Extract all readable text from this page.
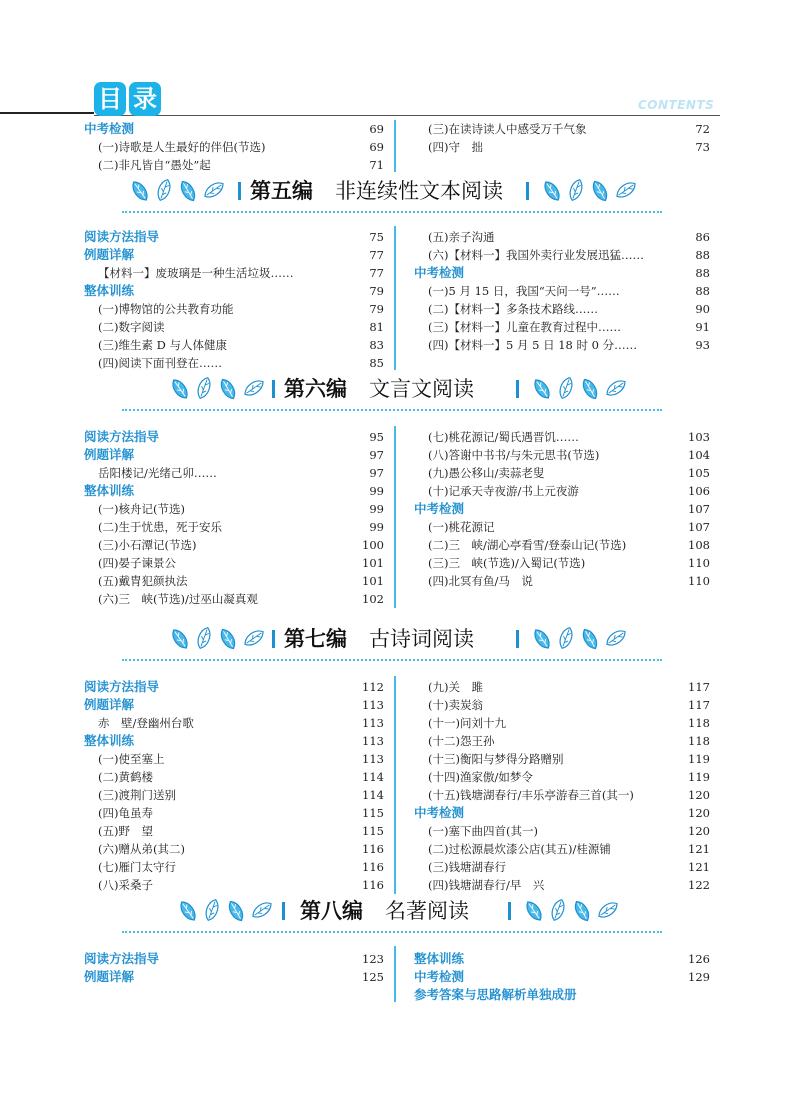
目 录	CONTENTS
中考检测	69
(一)诗歌是人生最好的伴侣(节选)	69
(二)非凡皆自“愚处”起	71
(三)在读诗读人中感受万千气象	72
(四)守　拙	73
第五编 非连续性文本阅读
阅读方法指导	75
例题详解	77
【材料一】废玻璃是一种生活垃圾……	77
整体训练	79
(一)博物馆的公共教育功能	79
(二)数字阅读	81
(三)维生素 D 与人体健康	83
(四)阅读下面刊登在……	85
(五)亲子沟通	86
(六)【材料一】我国外卖行业发展迅猛……	88
中考检测	88
(一)5 月 15 日，我国“天问一号”……	88
(二)【材料一】多条技术路线……	90
(三)【材料一】儿童在教育过程中……	91
(四)【材料一】5 月 5 日 18 时 0 分……	93
第六编 文言文阅读
阅读方法指导	95
例题详解	97
岳阳楼记/光绪己卯……	97
整体训练	99
(一)核舟记(节选)	99
(二)生于忧患，死于安乐	99
(三)小石潭记(节选)	100
(四)晏子谏景公	101
(五)戴胄犯颜执法	101
(六)三　峡(节选)/过巫山凝真观	102
(七)桃花源记/蜀氏遇晋饥……	103
(八)答谢中书书/与朱元思书(节选)	104
(九)愚公移山/卖蒜老叟	105
(十)记承天寺夜游/书上元夜游	106
中考检测	107
(一)桃花源记	107
(二)三　峡/湖心亭看雪/登泰山记(节选)	108
(三)三　峡(节选)/入蜀记(节选)	110
(四)北冥有鱼/马　说	110
第七编 古诗词阅读
阅读方法指导	112
例题详解	113
赤　壁/登幽州台歌	113
整体训练	113
(一)使至塞上	113
(二)黄鹤楼	114
(三)渡荆门送别	114
(四)龟虽寿	115
(五)野　望	115
(六)赠从弟(其二)	116
(七)雁门太守行	116
(八)采桑子	116
(九)关　雎	117
(十)卖炭翁	117
(十一)问刘十九	118
(十二)怨王孙	118
(十三)衡阳与梦得分路赠别	119
(十四)渔家傲/如梦令	119
(十五)钱塘湖春行/丰乐亭游春三首(其一)	120
中考检测	120
(一)塞下曲四首(其一)	120
(二)过松源晨炊漆公店(其五)/桂源铺	121
(三)钱塘湖春行	121
(四)钱塘湖春行/早　兴	122
第八编 名著阅读
阅读方法指导	123
例题详解	125
整体训练	126
中考检测	129
参考答案与思路解析单独成册
